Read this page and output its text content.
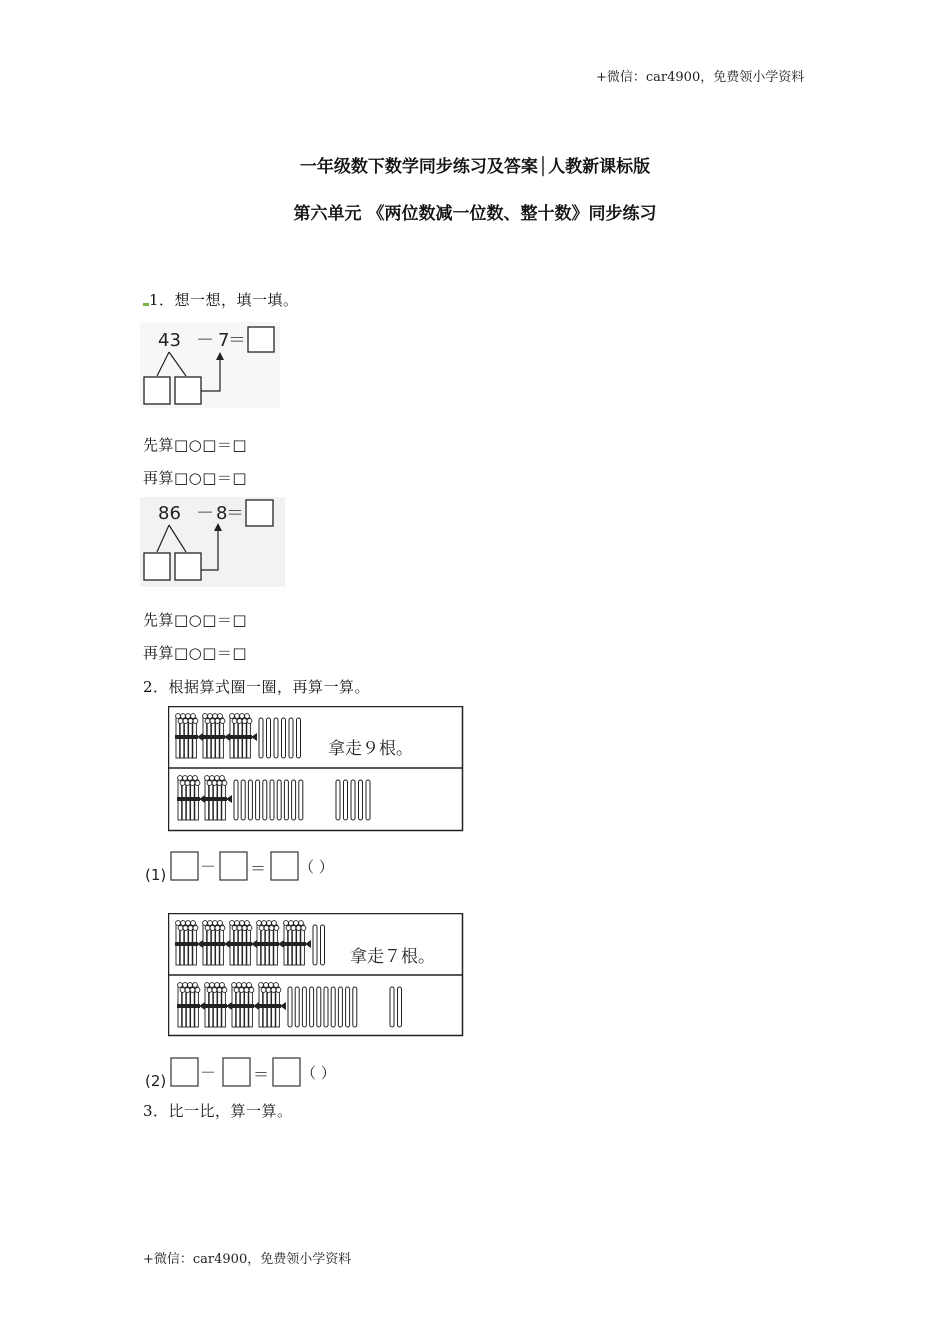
+微信：car4900，免费领小学资料
一年级数下数学同步练习及答案│人教新课标版
第六单元 《两位数减一位数、整十数》同步练习
1．想一想，填一填。
43 － 7
＝
先算□○□＝□
再算□○□＝□
86 － 8
＝
先算□○□＝□
再算□○□＝□
2．根据算式圈一圈，再算一算。
拿走９根。
(1) － ＝ （ ）
拿走７根。
(2) － ＝ （ ）
3．比一比，算一算。
+微信：car4900，免费领小学资料
